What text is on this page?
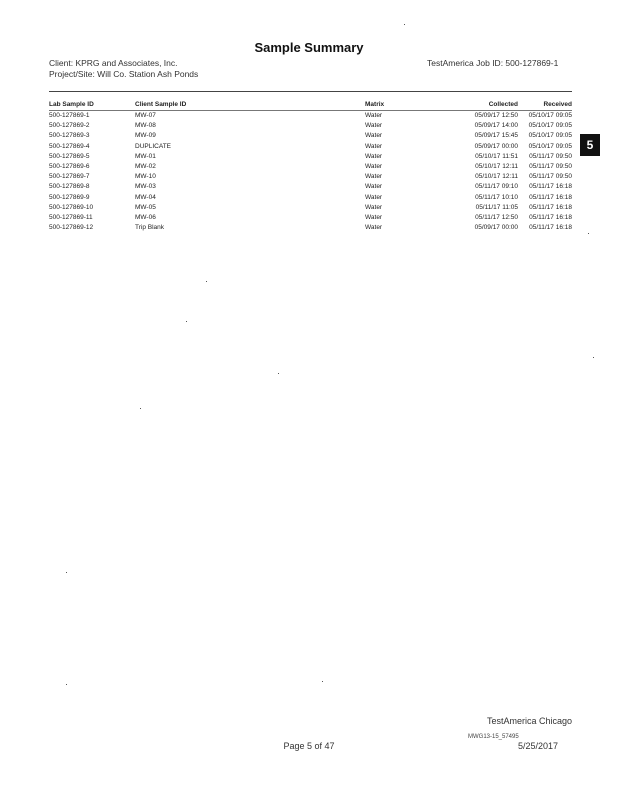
Sample Summary
Client: KPRG and Associates, Inc.
Project/Site: Will Co. Station Ash Ponds
TestAmerica Job ID: 500-127869-1
Lab Sample ID	Client Sample ID	Matrix	Collected	Received
500-127869-1	MW-07	Water	05/09/17 12:50	05/10/17 09:05
500-127869-2	MW-08	Water	05/09/17 14:00	05/10/17 09:05
500-127869-3	MW-09	Water	05/09/17 15:45	05/10/17 09:05
500-127869-4	DUPLICATE	Water	05/09/17 00:00	05/10/17 09:05
500-127869-5	MW-01	Water	05/10/17 11:51	05/11/17 09:50
500-127869-6	MW-02	Water	05/10/17 12:11	05/11/17 09:50
500-127869-7	MW-10	Water	05/10/17 12:11	05/11/17 09:50
500-127869-8	MW-03	Water	05/11/17 09:10	05/11/17 16:18
500-127869-9	MW-04	Water	05/11/17 10:10	05/11/17 16:18
500-127869-10	MW-05	Water	05/11/17 11:05	05/11/17 16:18
500-127869-11	MW-06	Water	05/11/17 12:50	05/11/17 16:18
500-127869-12	Trip Blank	Water	05/09/17 00:00	05/11/17 16:18
5
TestAmerica Chicago
MWG13-15_57495
5/25/2017
Page 5 of 47
